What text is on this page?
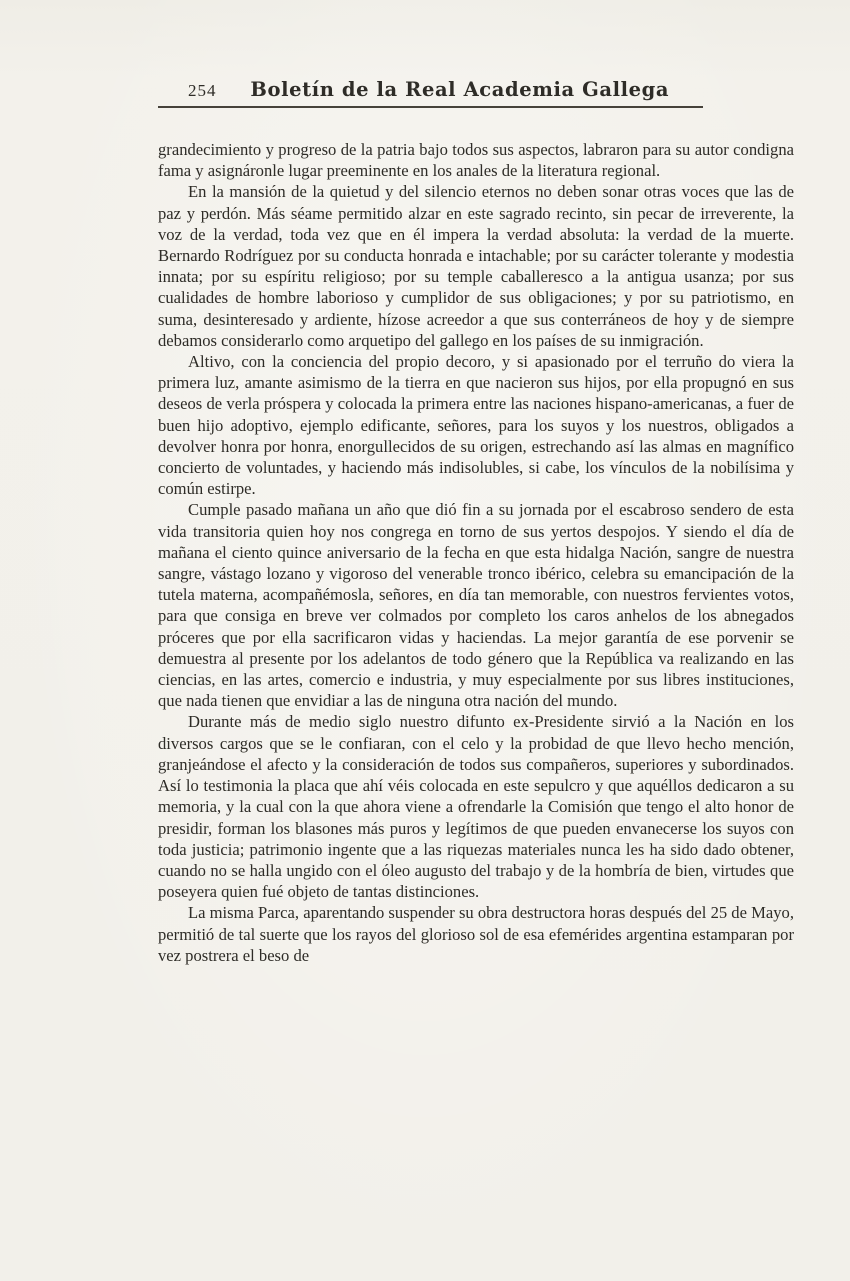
254	Boletín de la Real Academia Gallega

grandecimiento y progreso de la patria bajo todos sus aspectos, labraron para su autor condigna fama y asignáronle lugar preeminente en los anales de la literatura regional.

En la mansión de la quietud y del silencio eternos no deben sonar otras voces que las de paz y perdón. Más séame permitido alzar en este sagrado recinto, sin pecar de irreverente, la voz de la verdad, toda vez que en él impera la verdad absoluta: la verdad de la muerte. Bernardo Rodríguez por su conducta honrada e intachable; por su carácter tolerante y modestia innata; por su espíritu religioso; por su temple caballeresco a la antigua usanza; por sus cualidades de hombre laborioso y cumplidor de sus obligaciones; y por su patriotismo, en suma, desinteresado y ardiente, hízose acreedor a que sus conterráneos de hoy y de siempre debamos considerarlo como arquetipo del gallego en los países de su inmigración.

Altivo, con la conciencia del propio decoro, y si apasionado por el terruño do viera la primera luz, amante asimismo de la tierra en que nacieron sus hijos, por ella propugnó en sus deseos de verla próspera y colocada la primera entre las naciones hispano-americanas, a fuer de buen hijo adoptivo, ejemplo edificante, señores, para los suyos y los nuestros, obligados a devolver honra por honra, enorgullecidos de su origen, estrechando así las almas en magnífico concierto de voluntades, y haciendo más indisolubles, si cabe, los vínculos de la nobilísima y común estirpe.

Cumple pasado mañana un año que dió fin a su jornada por el escabroso sendero de esta vida transitoria quien hoy nos congrega en torno de sus yertos despojos. Y siendo el día de mañana el ciento quince aniversario de la fecha en que esta hidalga Nación, sangre de nuestra sangre, vástago lozano y vigoroso del venerable tronco ibérico, celebra su emancipación de la tutela materna, acompañémosla, señores, en día tan memorable, con nuestros fervientes votos, para que consiga en breve ver colmados por completo los caros anhelos de los abnegados próceres que por ella sacrificaron vidas y haciendas. La mejor garantía de ese porvenir se demuestra al presente por los adelantos de todo género que la República va realizando en las ciencias, en las artes, comercio e industria, y muy especialmente por sus libres instituciones, que nada tienen que envidiar a las de ninguna otra nación del mundo.

Durante más de medio siglo nuestro difunto ex-Presidente sirvió a la Nación en los diversos cargos que se le confiaran, con el celo y la probidad de que llevo hecho mención, granjeándose el afecto y la consideración de todos sus compañeros, superiores y subordinados. Así lo testimonia la placa que ahí véis colocada en este sepulcro y que aquéllos dedicaron a su memoria, y la cual con la que ahora viene a ofrendarle la Comisión que tengo el alto honor de presidir, forman los blasones más puros y legítimos de que pueden envanecerse los suyos con toda justicia; patrimonio ingente que a las riquezas materiales nunca les ha sido dado obtener, cuando no se halla ungido con el óleo augusto del trabajo y de la hombría de bien, virtudes que poseyera quien fué objeto de tantas distinciones.

La misma Parca, aparentando suspender su obra destructora horas después del 25 de Mayo, permitió de tal suerte que los rayos del glorioso sol de esa efemérides argentina estamparan por vez postrera el beso de
